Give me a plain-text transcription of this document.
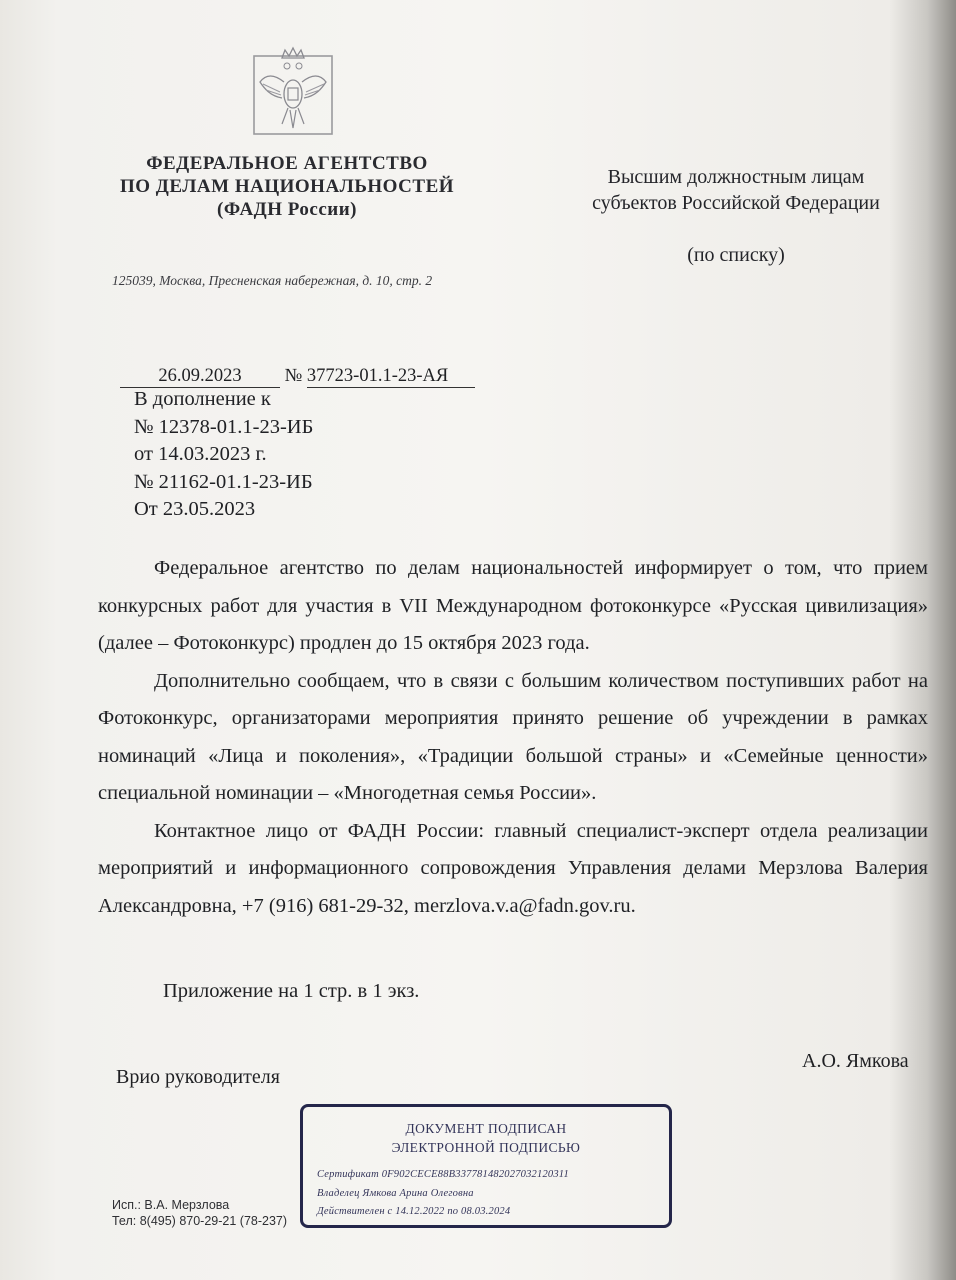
ФЕДЕРАЛЬНОЕ АГЕНТСТВО
ПО ДЕЛАМ НАЦИОНАЛЬНОСТЕЙ
(ФАДН России)
125039, Москва, Пресненская набережная, д. 10, стр. 2
Высшим должностным лицам
субъектов Российской Федерации
(по списку)
26.09.2023 № 37723-01.1-23-АЯ
В дополнение к
№ 12378-01.1-23-ИБ
от 14.03.2023 г.
№ 21162-01.1-23-ИБ
От 23.05.2023

Федеральное агентство по делам национальностей информирует о том, что прием конкурсных работ для участия в VII Международном фотоконкурсе «Русская цивилизация» (далее – Фотоконкурс) продлен до 15 октября 2023 года.

Дополнительно сообщаем, что в связи с большим количеством поступивших работ на Фотоконкурс, организаторами мероприятия принято решение об учреждении в рамках номинаций «Лица и поколения», «Традиции большой страны» и «Семейные ценности» специальной номинации – «Многодетная семья России».

Контактное лицо от ФАДН России: главный специалист-эксперт отдела реализации мероприятий и информационного сопровождения Управления делами Мерзлова Валерия Александровна, +7 (916) 681-29-32, merzlova.v.a@fadn.gov.ru.

Приложение на 1 стр. в 1 экз.
Врио руководителя
А.О. Ямкова
ДОКУМЕНТ ПОДПИСАН
ЭЛЕКТРОННОЙ ПОДПИСЬЮ
Сертификат 0F902CECE88B337781482027032120311
Владелец Ямкова Арина Олеговна
Действителен с 14.12.2022 по 08.03.2024
Исп.: В.А. Мерзлова
Тел: 8(495) 870-29-21 (78-237)
